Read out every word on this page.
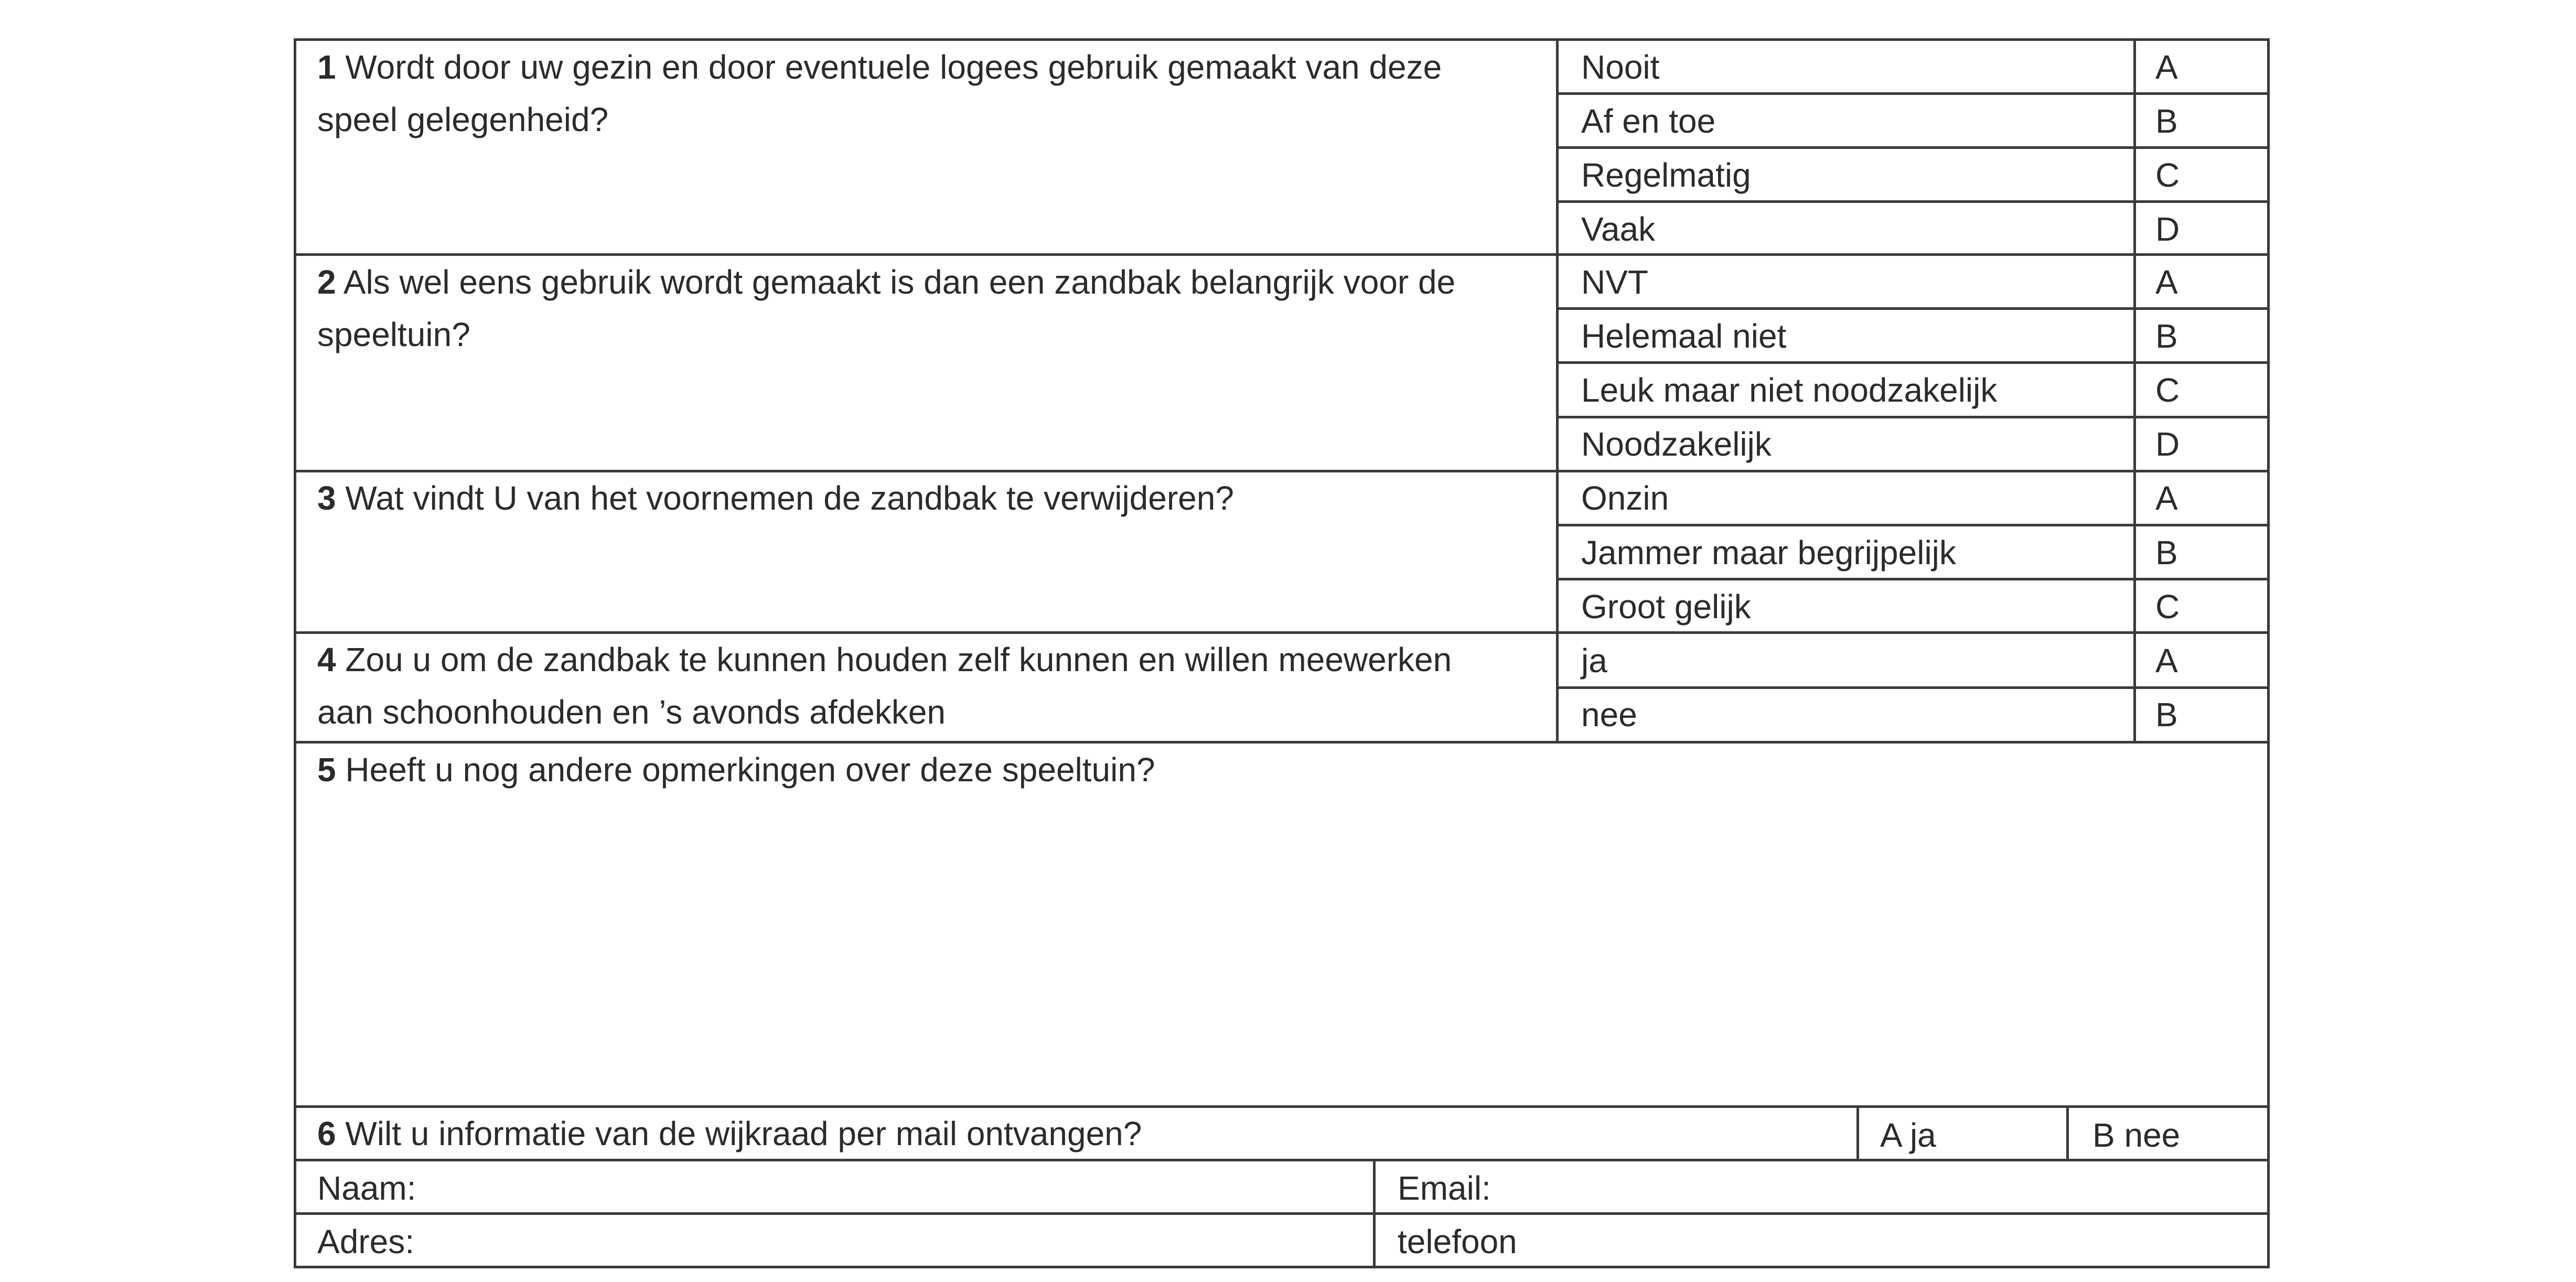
1 Wordt door uw gezin en door eventuele logees gebruik gemaakt van deze speel gelegenheid?
Nooit	A
Af en toe	B
Regelmatig	C
Vaak	D
2 Als wel eens gebruik wordt gemaakt is dan een zandbak belangrijk voor de speeltuin?
NVT	A
Helemaal niet	B
Leuk maar niet noodzakelijk	C
Noodzakelijk	D
3 Wat vindt U van het voornemen de zandbak te verwijderen?	Onzin	A
Jammer maar begrijpelijk	B
Groot gelijk	C
4 Zou u om de zandbak te kunnen houden zelf kunnen en willen meewerken aan schoonhouden en ’s avonds afdekken
ja	A
nee	B
5 Heeft u nog andere opmerkingen over deze speeltuin?
6 Wilt u informatie van de wijkraad per mail ontvangen?	A ja	B nee
Naam:	Email:
Adres:	telefoon
